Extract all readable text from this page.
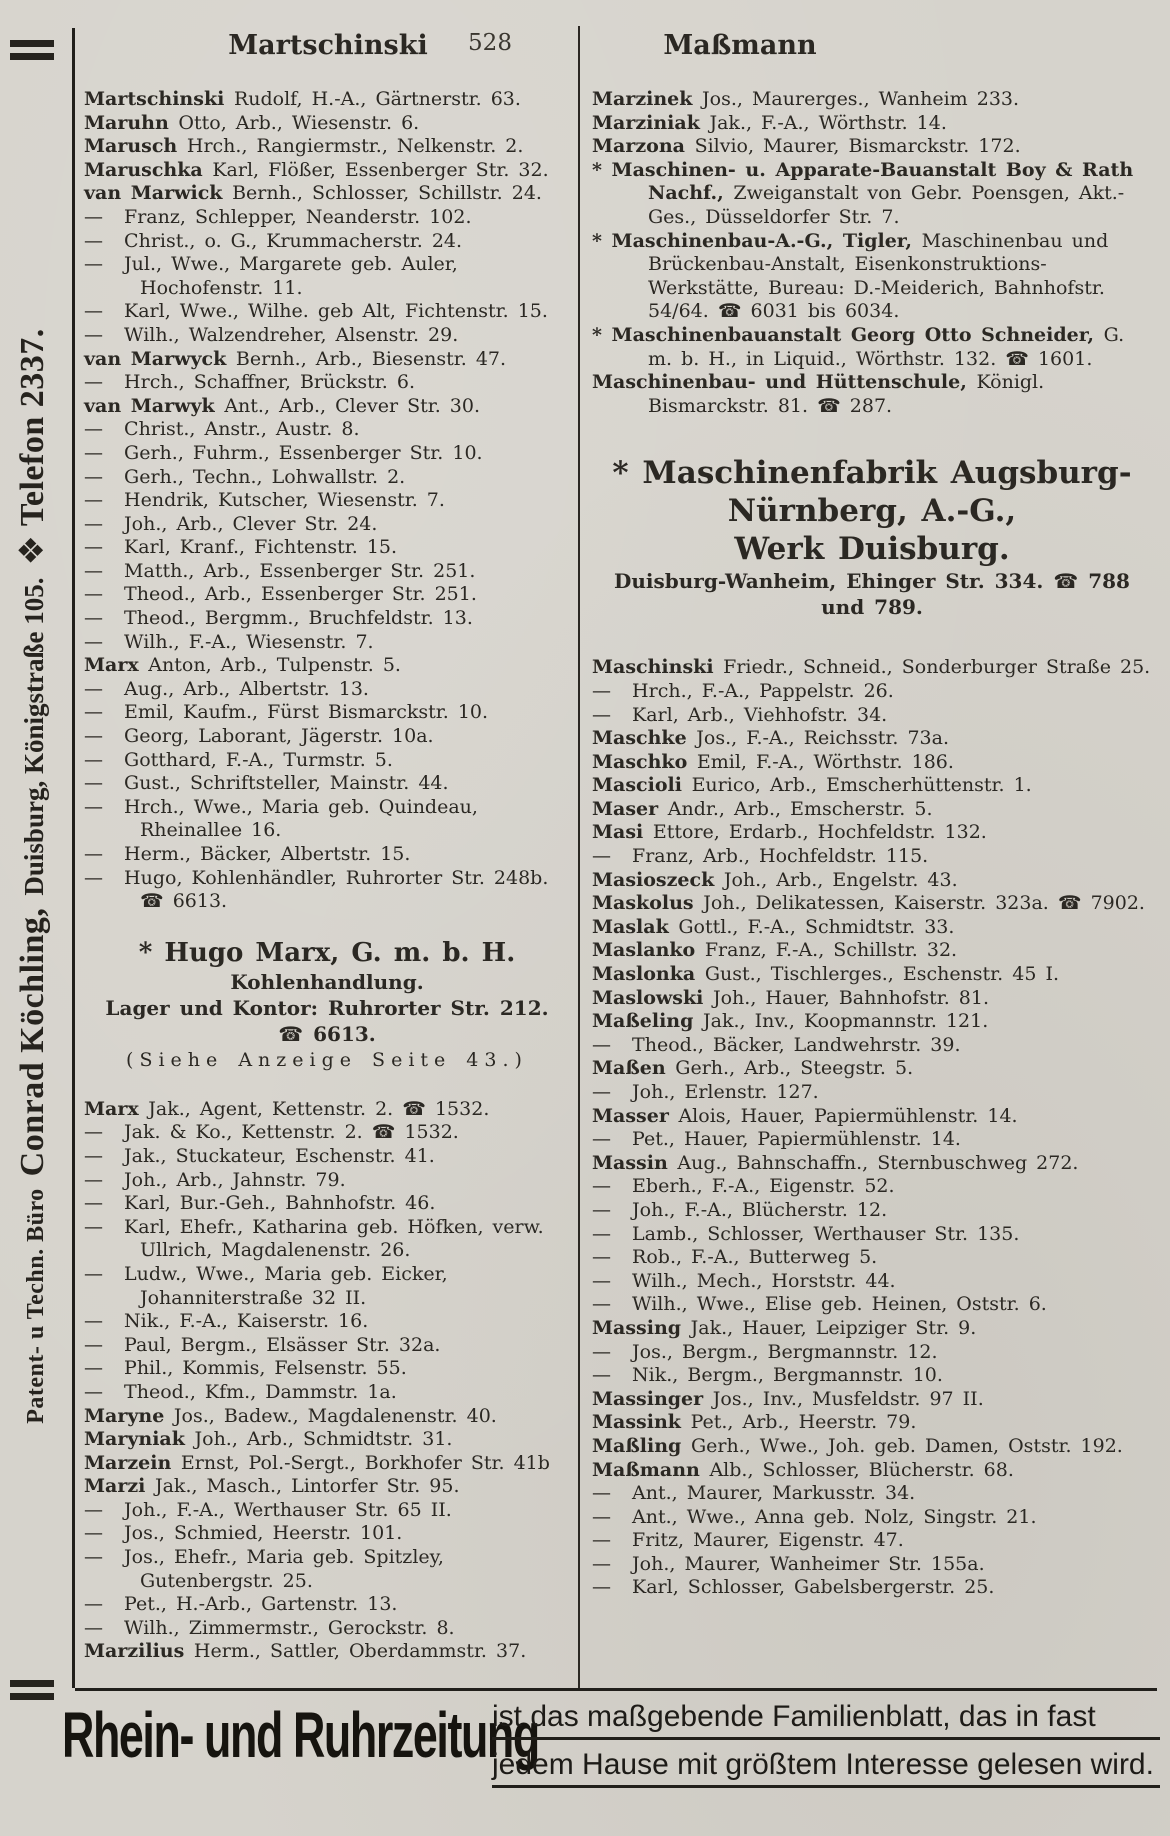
Patent- u Techn. Büro
Conrad Köchling,
Duisburg, Königstraße 105.
❖ Telefon 2337.
Martschinski	528	Maßmann
Martschinski Rudolf, H.-A., Gärtnerstr. 63.
Maruhn Otto, Arb., Wiesenstr. 6.
Marusch Hrch., Rangiermstr., Nelkenstr. 2.
Maruschka Karl, Flößer, Essenberger Str. 32.
van Marwick Bernh., Schlosser, Schillstr. 24.
— Franz, Schlepper, Neanderstr. 102.
— Christ., o. G., Krummacherstr. 24.
— Jul., Wwe., Margarete geb. Auler, Hochofenstr. 11.
— Karl, Wwe., Wilhe. geb Alt, Fichtenstr. 15.
— Wilh., Walzendreher, Alsenstr. 29.
van Marwyck Bernh., Arb., Biesenstr. 47.
— Hrch., Schaffner, Brückstr. 6.
van Marwyk Ant., Arb., Clever Str. 30.
— Christ., Anstr., Austr. 8.
— Gerh., Fuhrm., Essenberger Str. 10.
— Gerh., Techn., Lohwallstr. 2.
— Hendrik, Kutscher, Wiesenstr. 7.
— Joh., Arb., Clever Str. 24.
— Karl, Kranf., Fichtenstr. 15.
— Matth., Arb., Essenberger Str. 251.
— Theod., Arb., Essenberger Str. 251.
— Theod., Bergmm., Bruchfeldstr. 13.
— Wilh., F.-A., Wiesenstr. 7.
Marx Anton, Arb., Tulpenstr. 5.
— Aug., Arb., Albertstr. 13.
— Emil, Kaufm., Fürst Bismarckstr. 10.
— Georg, Laborant, Jägerstr. 10a.
— Gotthard, F.-A., Turmstr. 5.
— Gust., Schriftsteller, Mainstr. 44.
— Hrch., Wwe., Maria geb. Quindeau, Rheinallee 16.
— Herm., Bäcker, Albertstr. 15.
— Hugo, Kohlenhändler, Ruhrorter Str. 248b. ☎ 6613.
* Hugo Marx, G. m. b. H.
Kohlenhandlung.
Lager und Kontor: Ruhrorter Str. 212.
☎ 6613.
(Siehe Anzeige Seite 43.)
Marx Jak., Agent, Kettenstr. 2. ☎ 1532.
— Jak. & Ko., Kettenstr. 2. ☎ 1532.
— Jak., Stuckateur, Eschenstr. 41.
— Joh., Arb., Jahnstr. 79.
— Karl, Bur.-Geh., Bahnhofstr. 46.
— Karl, Ehefr., Katharina geb. Höfken, verw. Ullrich, Magdalenenstr. 26.
— Ludw., Wwe., Maria geb. Eicker, Johanniterstraße 32 II.
— Nik., F.-A., Kaiserstr. 16.
— Paul, Bergm., Elsässer Str. 32a.
— Phil., Kommis, Felsenstr. 55.
— Theod., Kfm., Dammstr. 1a.
Maryne Jos., Badew., Magdalenenstr. 40.
Maryniak Joh., Arb., Schmidtstr. 31.
Marzein Ernst, Pol.-Sergt., Borkhofer Str. 41b
Marzi Jak., Masch., Lintorfer Str. 95.
— Joh., F.-A., Werthauser Str. 65 II.
— Jos., Schmied, Heerstr. 101.
— Jos., Ehefr., Maria geb. Spitzley, Gutenbergstr. 25.
— Pet., H.-Arb., Gartenstr. 13.
— Wilh., Zimmermstr., Gerockstr. 8.
Marzilius Herm., Sattler, Oberdammstr. 37.
Marzinek Jos., Maurerges., Wanheim 233.
Marziniak Jak., F.-A., Wörthstr. 14.
Marzona Silvio, Maurer, Bismarckstr. 172.
* Maschinen- u. Apparate-Bauanstalt Boy & Rath Nachf., Zweiganstalt von Gebr. Poensgen, Akt.-Ges., Düsseldorfer Str. 7.
* Maschinenbau-A.-G., Tigler, Maschinenbau und Brückenbau-Anstalt, Eisenkonstruktions-Werkstätte, Bureau: D.-Meiderich, Bahnhofstr. 54/64. ☎ 6031 bis 6034.
* Maschinenbauanstalt Georg Otto Schneider, G. m. b. H., in Liquid., Wörthstr. 132. ☎ 1601.
Maschinenbau- und Hüttenschule, Königl. Bismarckstr. 81. ☎ 287.
* Maschinenfabrik Augsburg-
Nürnberg, A.-G.,
Werk Duisburg.
Duisburg-Wanheim, Ehinger Str. 334. ☎ 788
und 789.
Maschinski Friedr., Schneid., Sonderburger Straße 25.
— Hrch., F.-A., Pappelstr. 26.
— Karl, Arb., Viehhofstr. 34.
Maschke Jos., F.-A., Reichsstr. 73a.
Maschko Emil, F.-A., Wörthstr. 186.
Mascioli Eurico, Arb., Emscherhüttenstr. 1.
Maser Andr., Arb., Emscherstr. 5.
Masi Ettore, Erdarb., Hochfeldstr. 132.
— Franz, Arb., Hochfeldstr. 115.
Masioszeck Joh., Arb., Engelstr. 43.
Maskolus Joh., Delikatessen, Kaiserstr. 323a. ☎ 7902.
Maslak Gottl., F.-A., Schmidtstr. 33.
Maslanko Franz, F.-A., Schillstr. 32.
Maslonka Gust., Tischlerges., Eschenstr. 45 I.
Maslowski Joh., Hauer, Bahnhofstr. 81.
Maßeling Jak., Inv., Koopmannstr. 121.
— Theod., Bäcker, Landwehrstr. 39.
Maßen Gerh., Arb., Steegstr. 5.
— Joh., Erlenstr. 127.
Masser Alois, Hauer, Papiermühlenstr. 14.
— Pet., Hauer, Papiermühlenstr. 14.
Massin Aug., Bahnschaffn., Sternbuschweg 272.
— Eberh., F.-A., Eigenstr. 52.
— Joh., F.-A., Blücherstr. 12.
— Lamb., Schlosser, Werthauser Str. 135.
— Rob., F.-A., Butterweg 5.
— Wilh., Mech., Horststr. 44.
— Wilh., Wwe., Elise geb. Heinen, Oststr. 6.
Massing Jak., Hauer, Leipziger Str. 9.
— Jos., Bergm., Bergmannstr. 12.
— Nik., Bergm., Bergmannstr. 10.
Massinger Jos., Inv., Musfeldstr. 97 II.
Massink Pet., Arb., Heerstr. 79.
Maßling Gerh., Wwe., Joh. geb. Damen, Oststr. 192.
Maßmann Alb., Schlosser, Blücherstr. 68.
— Ant., Maurer, Markusstr. 34.
— Ant., Wwe., Anna geb. Nolz, Singstr. 21.
— Fritz, Maurer, Eigenstr. 47.
— Joh., Maurer, Wanheimer Str. 155a.
— Karl, Schlosser, Gabelsbergerstr. 25.
Rhein- und Ruhrzeitung
ist das maßgebende Familienblatt, das in fast
jedem Hause mit größtem Interesse gelesen wird.
